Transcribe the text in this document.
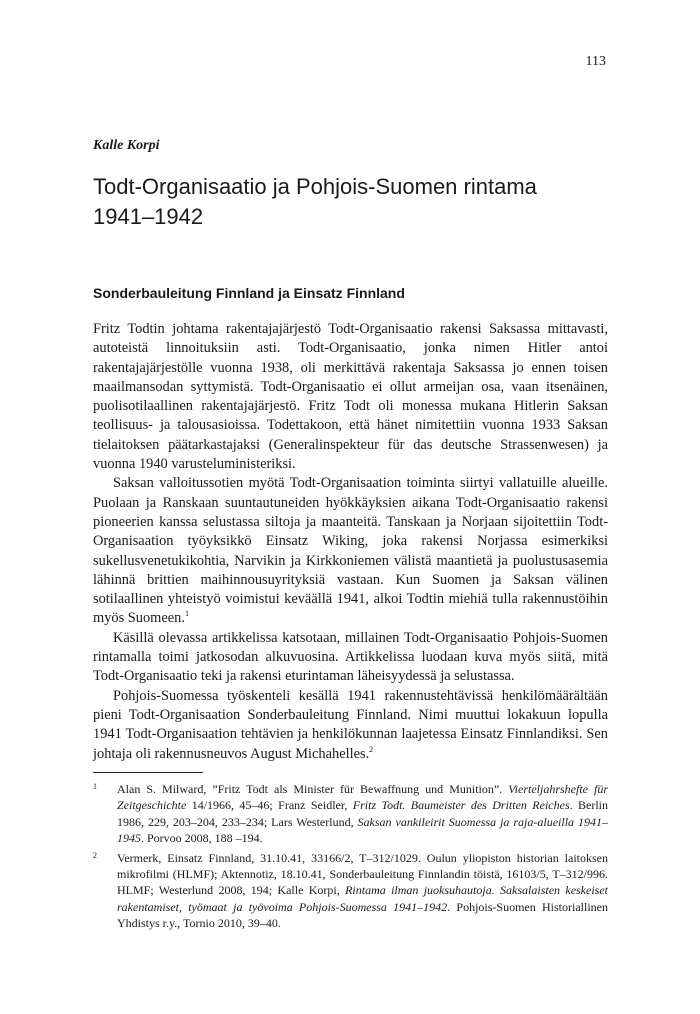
113
Kalle Korpi
Todt-Organisaatio ja Pohjois-Suomen rintama
1941–1942
Sonderbauleitung Finnland ja Einsatz Finnland

Fritz Todtin johtama rakentajajärjestö Todt-Organisaatio rakensi Saksassa mittavasti, autoteistä linnoituksiin asti. Todt-Organisaatio, jonka nimen Hitler antoi rakentajajärjestölle vuonna 1938, oli merkittävä rakentaja Saksassa jo ennen toisen maailmansodan syttymistä. Todt-Organisaatio ei ollut armeijan osa, vaan itsenäinen, puolisotilaallinen rakentajajärjestö. Fritz Todt oli monessa mukana Hitlerin Saksan teollisuus- ja talousasioissa. Todettakoon, että hänet nimitettiin vuonna 1933 Saksan tielaitoksen päätarkastajaksi (Generalinspekteur für das deutsche Strassenwesen) ja vuonna 1940 varusteluministeriksi.

Saksan valloitussotien myötä Todt-Organisaation toiminta siirtyi vallatuille alueille. Puolaan ja Ranskaan suuntautuneiden hyökkäyksien aikana Todt-Organisaatio rakensi pioneerien kanssa selustassa siltoja ja maanteitä. Tanskaan ja Norjaan sijoitettiin Todt-Organisaation työyksikkö Einsatz Wiking, joka rakensi Norjassa esimerkiksi sukellusvenetukikohtia, Narvikin ja Kirkkoniemen välistä maantietä ja puolustusasemia lähinnä brittien maihinnousuyrityksiä vastaan. Kun Suomen ja Saksan välinen sotilaallinen yhteistyö voimistui keväällä 1941, alkoi Todtin miehiä tulla rakennustöihin myös Suomeen.$^1$

Käsillä olevassa artikkelissa katsotaan, millainen Todt-Organisaatio Pohjois-Suomen rintamalla toimi jatkosodan alkuvuosina. Artikkelissa luodaan kuva myös siitä, mitä Todt-Organisaatio teki ja rakensi eturintaman läheisyydessä ja selustassa.

Pohjois-Suomessa työskenteli kesällä 1941 rakennustehtävissä henkilömäärältään pieni Todt-Organisaation Sonderbauleitung Finnland. Nimi muuttui lokakuun lopulla 1941 Todt-Organisaation tehtävien ja henkilökunnan laajetessa Einsatz Finnlandiksi. Sen johtaja oli rakennusneuvos August Michahelles.$^2$

1	Alan S. Milward, ”Fritz Todt als Minister für Bewaffnung und Munition”. Vierteljahrshefte für Zeitgeschichte 14/1966, 45–46; Franz Seidler, Fritz Todt. Baumeister des Dritten Reiches. Berlin 1986, 229, 203–204, 233–234; Lars Westerlund, Saksan vankileirit Suomessa ja raja-alueilla 1941–1945. Porvoo 2008, 188 –194.
2	Vermerk, Einsatz Finnland, 31.10.41, 33166/2, T–312/1029. Oulun yliopiston historian laitoksen mikrofilmi (HLMF); Aktennotiz, 18.10.41, Sonderbauleitung Finnlandin töistä, 16103/5, T–312/996. HLMF; Westerlund 2008, 194; Kalle Korpi, Rintama ilman juoksuhautoja. Saksalaisten keskeiset rakentamiset, työmaat ja työvoima Pohjois-Suomessa 1941–1942. Pohjois-Suomen Historiallinen Yhdistys r.y., Tornio 2010, 39–40.
